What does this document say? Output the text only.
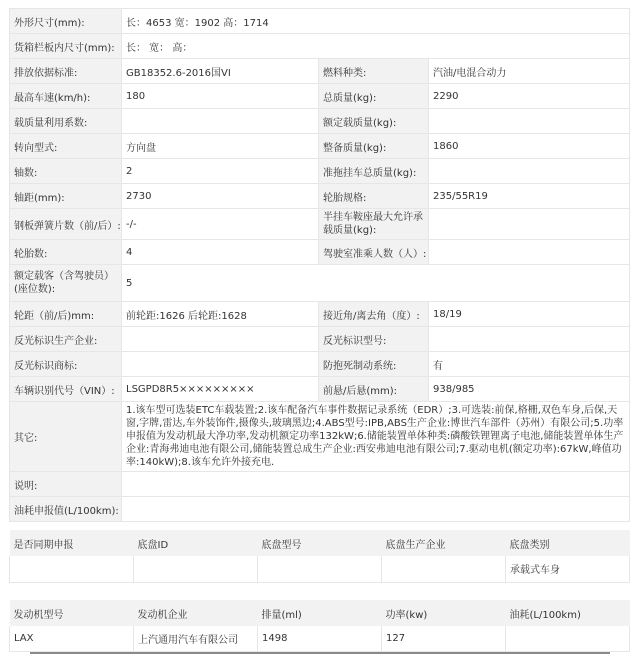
外形尺寸(mm):	长：4653 宽：1902 高：1714		
货箱栏板内尺寸(mm):	长： 宽： 高：		
排放依据标准:	GB18352.6-2016国VI	燃料种类:	汽油/电混合动力
最高车速(km/h):	180	总质量(kg):	2290
载质量利用系数:		额定载质量(kg):	
转向型式:	方向盘	整备质量(kg):	1860
轴数:	2	准拖挂车总质量(kg):	
轴距(mm):	2730	轮胎规格:	235/55R19
钢板弹簧片数（前/后）:	-/-	半挂车鞍座最大允许承载质量(kg):	
轮胎数:	4	驾驶室准乘人数（人）:	
额定载客（含驾驶员）(座位数):	5		
轮距（前/后)mm:	前轮距:1626 后轮距:1628	接近角/离去角（度）:	18/19
反光标识生产企业:		反光标识型号:	
反光标识商标:		防抱死制动系统:	有
车辆识别代号（VIN）:	LSGPD8R5×××××××××	前悬/后悬(mm):	938/985
其它:	1.该车型可选装ETC车载装置;2.该车配备汽车事件数据记录系统（EDR）;3.可选装:前保,格栅,双色车身,后保,天窗,字牌,雷达,车外装饰件,摄像头,玻璃黑边;4.ABS型号:IPB,ABS生产企业:博世汽车部件（苏州）有限公司;5.功率申报值为发动机最大净功率,发动机额定功率132kW;6.储能装置单体种类:磷酸铁锂锂离子电池,储能装置单体生产企业:青海弗迪电池有限公司,储能装置总成生产企业:西安弗迪电池有限公司;7.驱动电机(额定功率):67kW,峰值功率:140kW);8.该车允许外接充电.		
说明:			
油耗申报值(L/100km):			
是否同期申报	底盘ID	底盘型号	底盘生产企业	底盘类别
				承载式车身
发动机型号	发动机企业	排量(ml)	功率(kw)	油耗(L/100km)
LAX	上汽通用汽车有限公司	1498	127	
